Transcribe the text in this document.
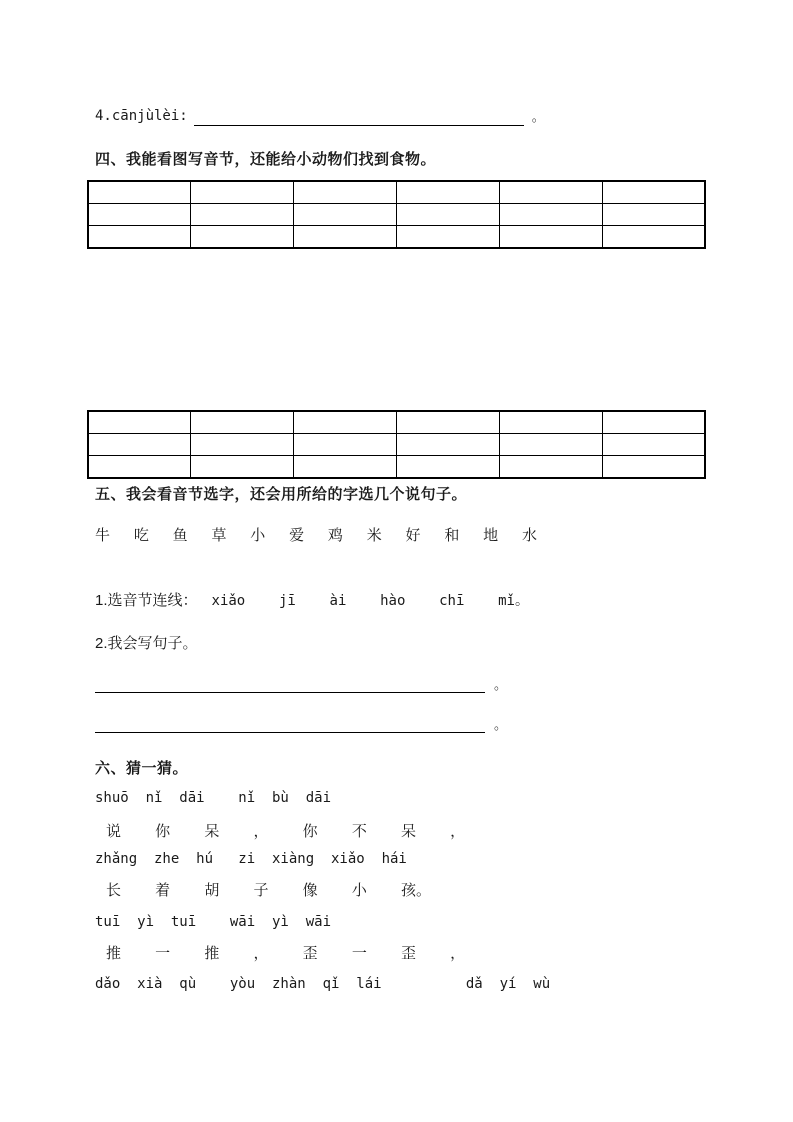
4.cānjùlèi:	。
四、我能看图写音节，还能给小动物们找到食物。

五、我会看音节选字，还会用所给的字选几个说句子。
牛 吃 鱼 草 小 爱 鸡 米 好 和 地 水
1.选音节连线： xiǎo    jī    ài    hào    chī    mǐ。
2.我会写句子。
。
。
六、猜一猜。
shuō  nǐ  dāi    nǐ  bù  dāi
说 你 呆 ， 你 不 呆 ，
zhǎng  zhe  hú   zi  xiàng  xiǎo  hái
长 着 胡 子 像 小 孩。
tuī  yì  tuī    wāi  yì  wāi
推 一 推 ， 歪 一 歪 ，
dǎo  xià  qù    yòu  zhàn  qǐ  lái          dǎ  yí  wù
